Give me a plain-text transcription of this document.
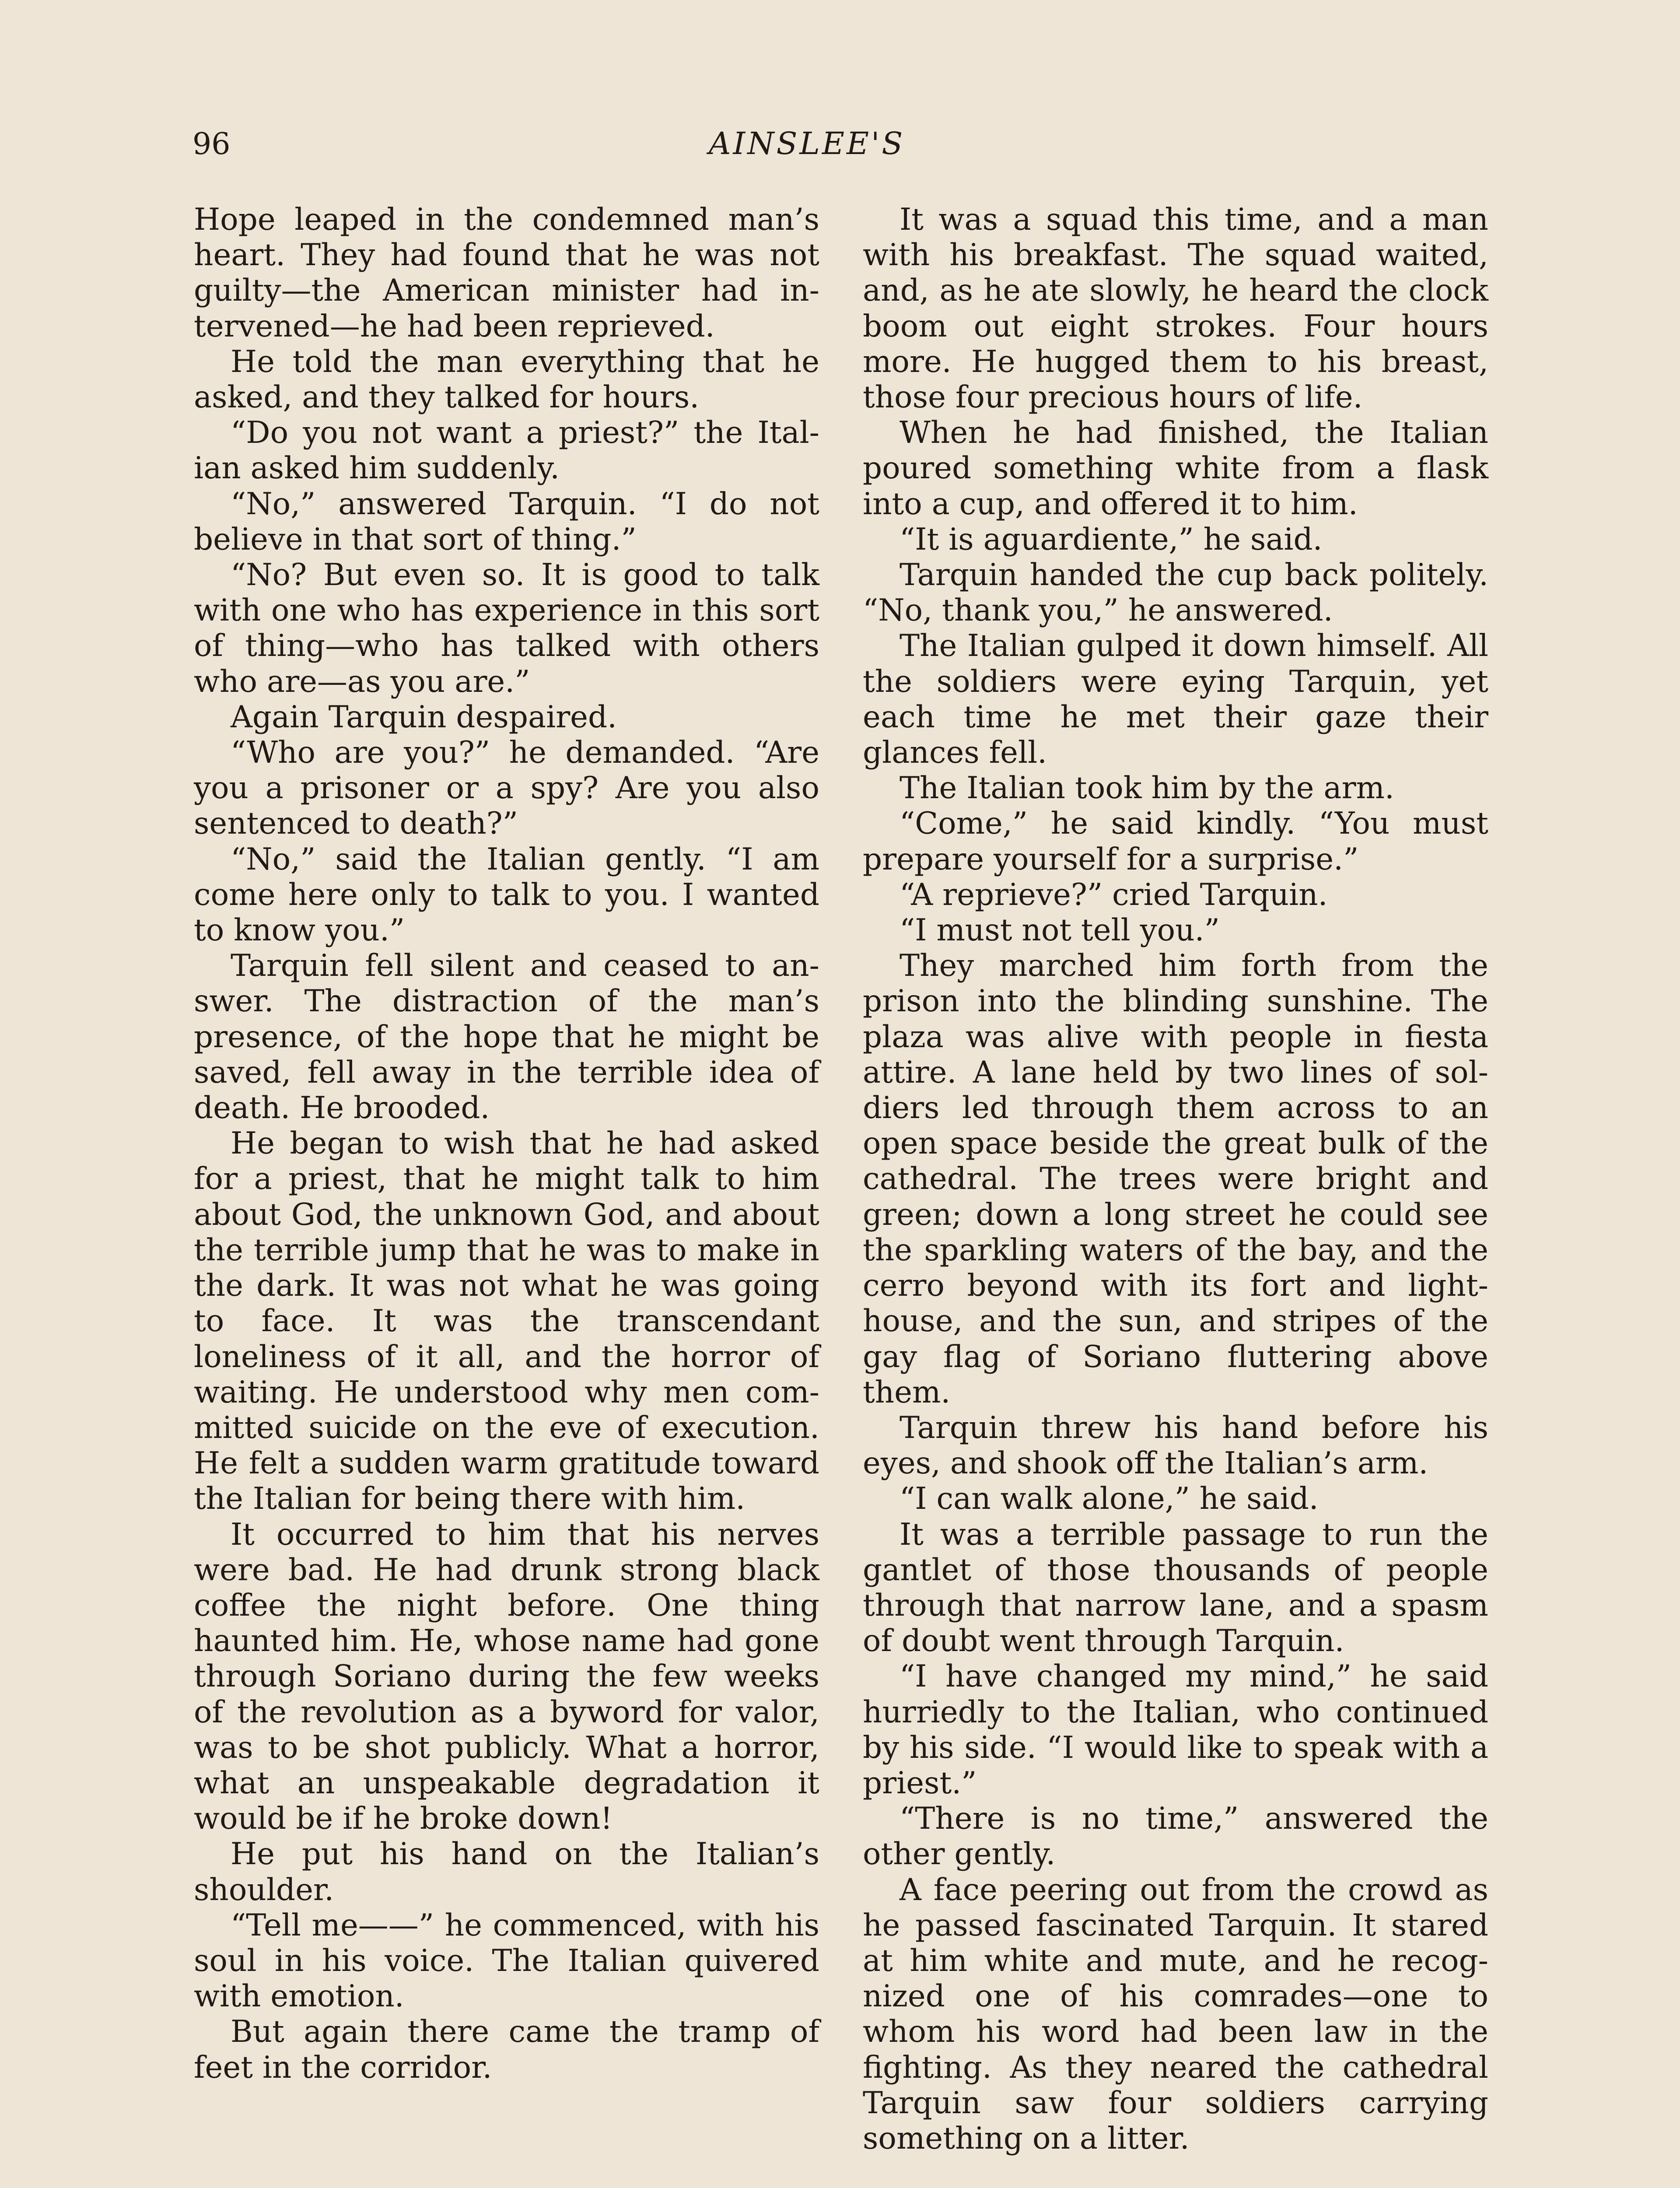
96	AINSLEE'S

Hope leaped in the condemned man’s heart. They had found that he was not guilty—the American minister had intervened—he had been reprieved.

He told the man everything that he asked, and they talked for hours.

“Do you not want a priest?” the Italian asked him suddenly.

“No,” answered Tarquin. “I do not believe in that sort of thing.”

“No? But even so. It is good to talk with one who has experience in this sort of thing—who has talked with others who are—as you are.”

Again Tarquin despaired.

“Who are you?” he demanded. “Are you a prisoner or a spy? Are you also sentenced to death?”

“No,” said the Italian gently. “I am come here only to talk to you. I wanted to know you.”

Tarquin fell silent and ceased to answer. The distraction of the man’s presence, of the hope that he might be saved, fell away in the terrible idea of death. He brooded.

He began to wish that he had asked for a priest, that he might talk to him about God, the unknown God, and about the terrible jump that he was to make in the dark. It was not what he was going to face. It was the transcendant loneliness of it all, and the horror of waiting. He understood why men committed suicide on the eve of execution. He felt a sudden warm gratitude toward the Italian for being there with him.

It occurred to him that his nerves were bad. He had drunk strong black coffee the night before. One thing haunted him. He, whose name had gone through Soriano during the few weeks of the revolution as a byword for valor, was to be shot publicly. What a horror, what an unspeakable degradation it would be if he broke down!

He put his hand on the Italian’s shoulder.

“Tell me——” he commenced, with his soul in his voice. The Italian quivered with emotion.

But again there came the tramp of feet in the corridor.

It was a squad this time, and a man with his breakfast. The squad waited, and, as he ate slowly, he heard the clock boom out eight strokes. Four hours more. He hugged them to his breast, those four precious hours of life.

When he had finished, the Italian poured something white from a flask into a cup, and offered it to him.

“It is aguardiente,” he said.

Tarquin handed the cup back politely. “No, thank you,” he answered.

The Italian gulped it down himself. All the soldiers were eying Tarquin, yet each time he met their gaze their glances fell.

The Italian took him by the arm.

“Come,” he said kindly. “You must prepare yourself for a surprise.”

“A reprieve?” cried Tarquin.

“I must not tell you.”

They marched him forth from the prison into the blinding sunshine. The plaza was alive with people in fiesta attire. A lane held by two lines of soldiers led through them across to an open space beside the great bulk of the cathedral. The trees were bright and green; down a long street he could see the sparkling waters of the bay, and the cerro beyond with its fort and lighthouse, and the sun, and stripes of the gay flag of Soriano fluttering above them.

Tarquin threw his hand before his eyes, and shook off the Italian’s arm.

“I can walk alone,” he said.

It was a terrible passage to run the gantlet of those thousands of people through that narrow lane, and a spasm of doubt went through Tarquin.

“I have changed my mind,” he said hurriedly to the Italian, who continued by his side. “I would like to speak with a priest.”

“There is no time,” answered the other gently.

A face peering out from the crowd as he passed fascinated Tarquin. It stared at him white and mute, and he recognized one of his comrades—one to whom his word had been law in the fighting. As they neared the cathedral Tarquin saw four soldiers carrying something on a litter.
